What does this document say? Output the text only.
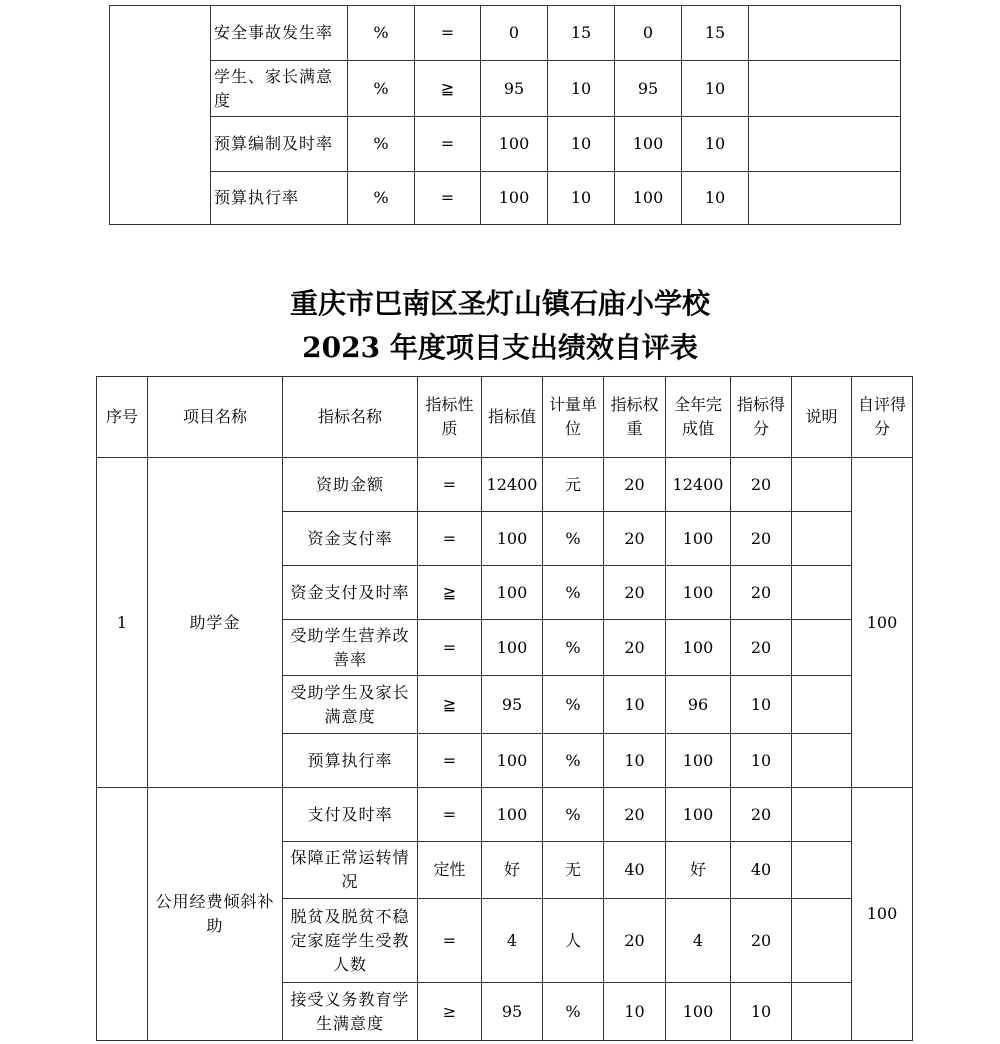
	安全事故发生率	%	=	0	15	0	15	
	学生、家长满意度	%	≧	95	10	95	10	
	预算编制及时率	%	=	100	10	100	10	
	预算执行率	%	=	100	10	100	10	
重庆市巴南区圣灯山镇石庙小学校
2023 年度项目支出绩效自评表
序号	项目名称	指标名称	指标性质	指标值	计量单位	指标权重	全年完成值	指标得分	说明	自评得分
1	助学金	资助金额	=	12400	元	20	12400	20		100
		资金支付率	=	100	%	20	100	20		
		资金支付及时率	≧	100	%	20	100	20		
		受助学生营养改善率	=	100	%	20	100	20		
		受助学生及家长满意度	≧	95	%	10	96	10		
		预算执行率	=	100	%	10	100	10		
	公用经费倾斜补助	支付及时率	=	100	%	20	100	20		100
		保障正常运转情况	定性	好	无	40	好	40		
		脱贫及脱贫不稳定家庭学生受教人数	=	4	人	20	4	20		
		接受义务教育学生满意度	≥	95	%	10	100	10		
